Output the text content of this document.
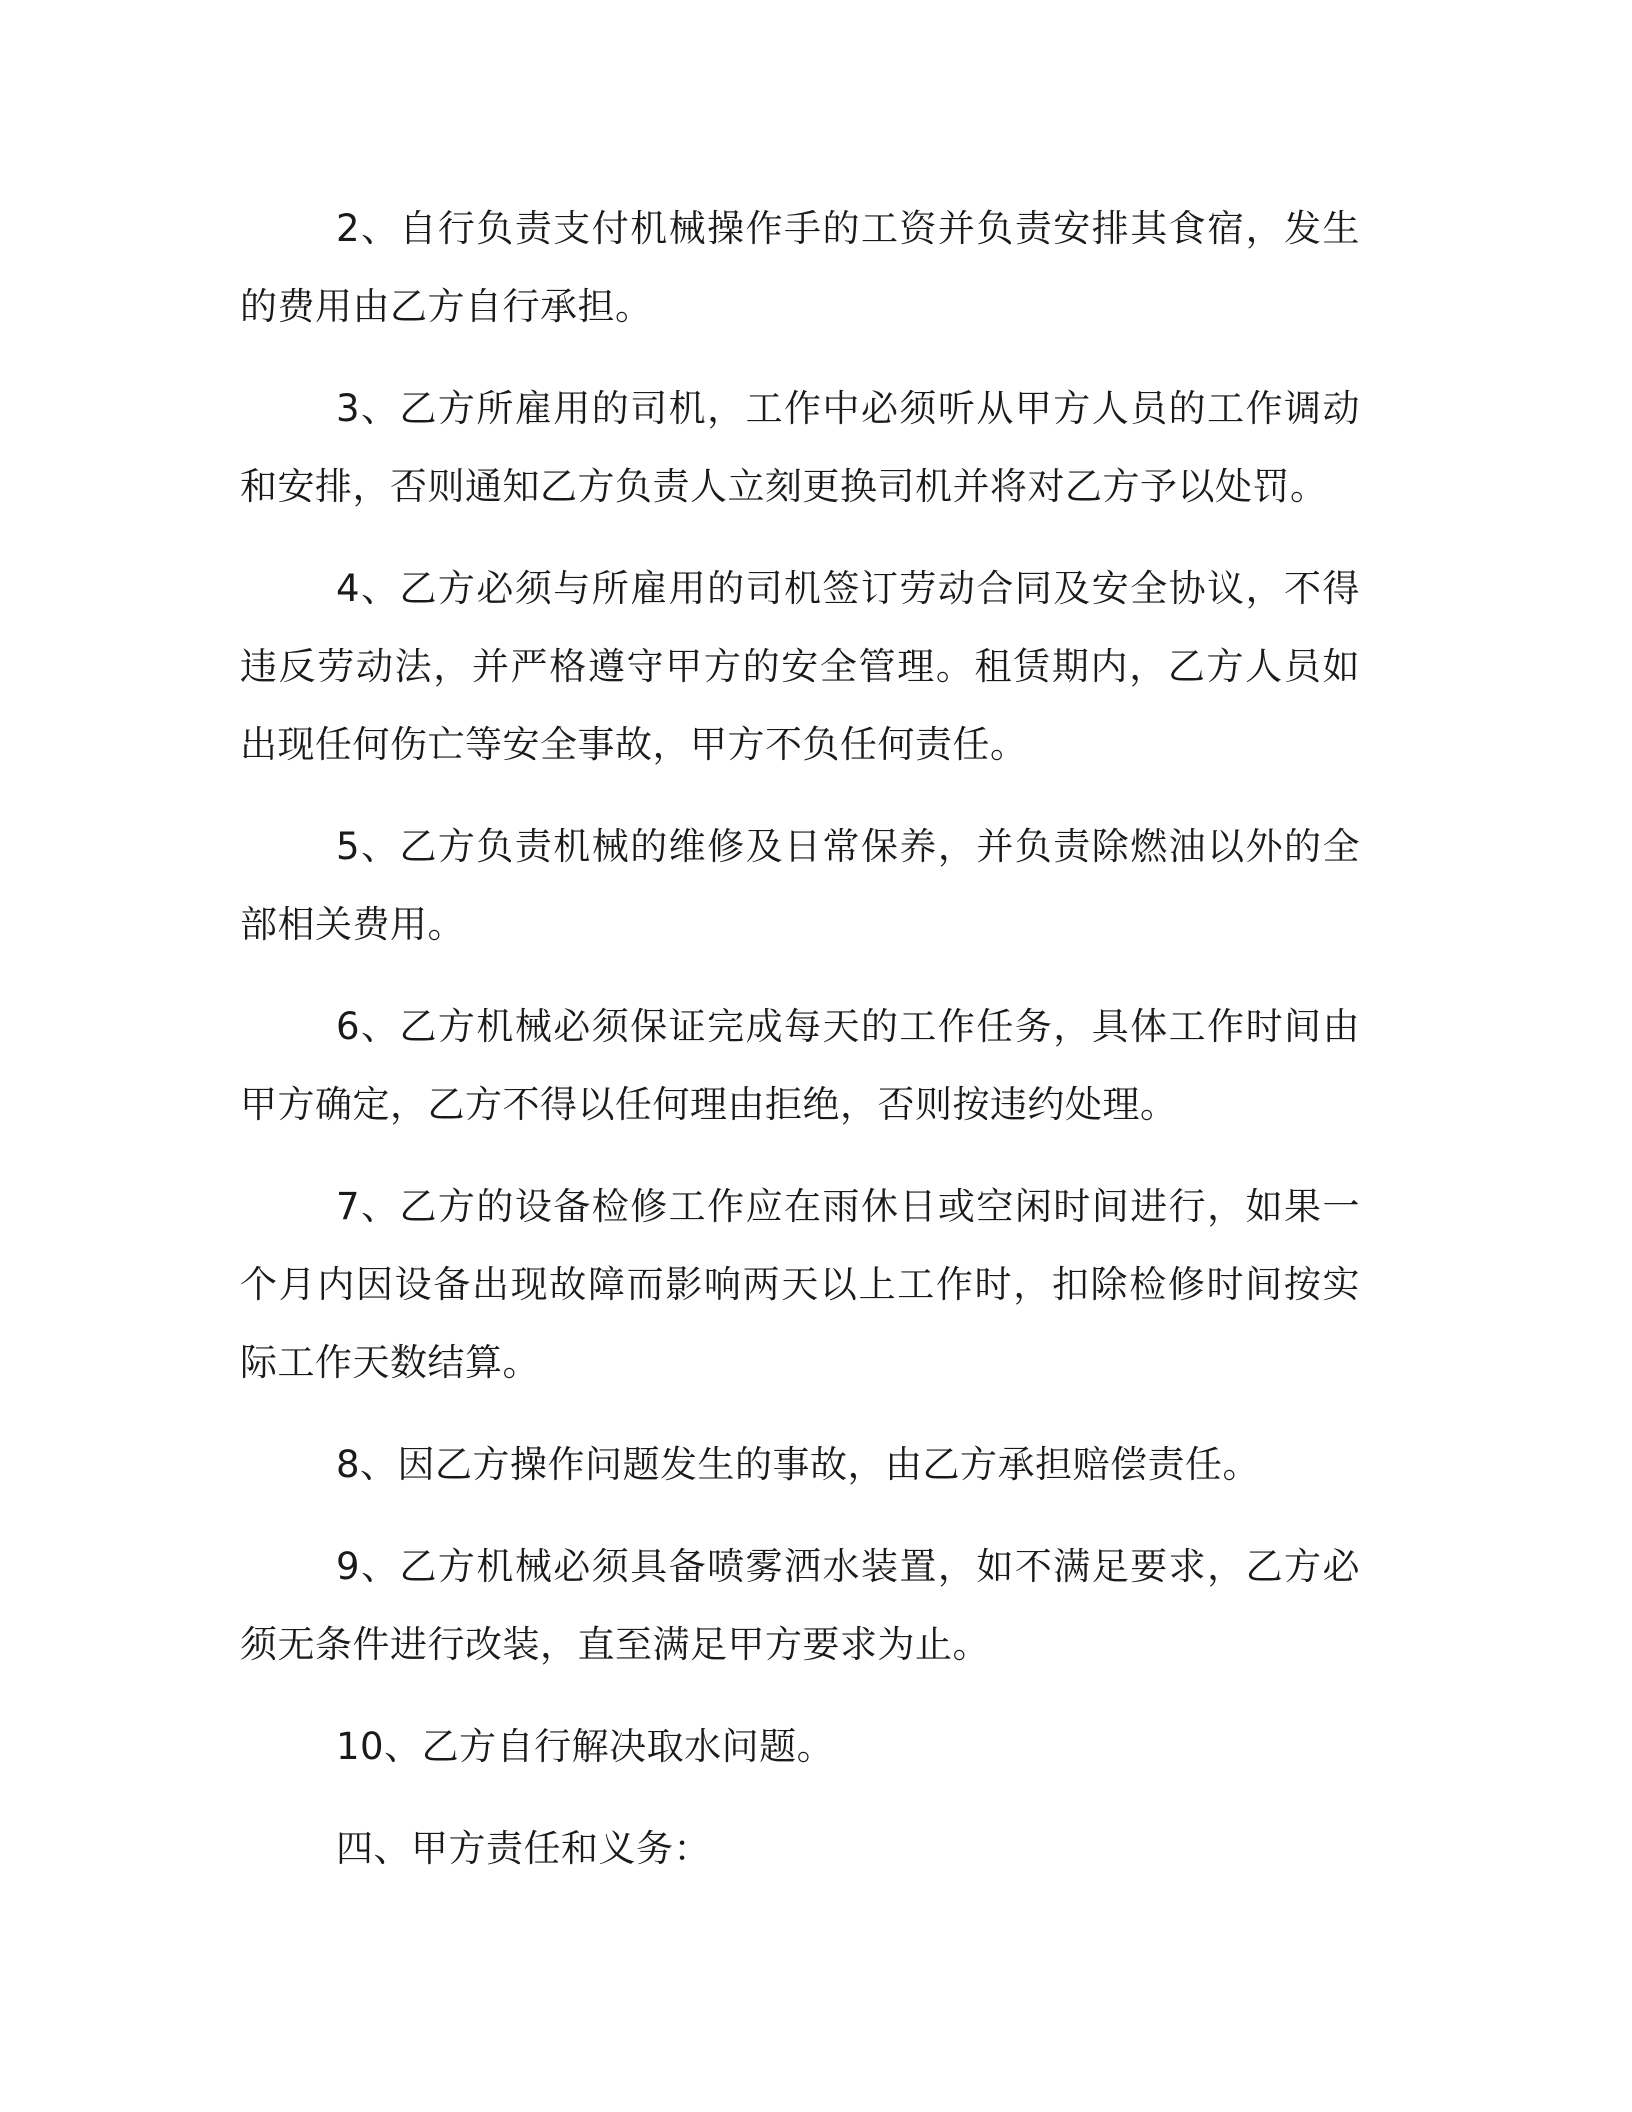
2、自行负责支付机械操作手的工资并负责安排其食宿，发生的费用由乙方自行承担。

3、乙方所雇用的司机，工作中必须听从甲方人员的工作调动和安排，否则通知乙方负责人立刻更换司机并将对乙方予以处罚。

4、乙方必须与所雇用的司机签订劳动合同及安全协议，不得违反劳动法，并严格遵守甲方的安全管理。租赁期内，乙方人员如出现任何伤亡等安全事故，甲方不负任何责任。

5、乙方负责机械的维修及日常保养，并负责除燃油以外的全部相关费用。

6、乙方机械必须保证完成每天的工作任务，具体工作时间由甲方确定，乙方不得以任何理由拒绝，否则按违约处理。

7、乙方的设备检修工作应在雨休日或空闲时间进行，如果一个月内因设备出现故障而影响两天以上工作时，扣除检修时间按实际工作天数结算。

8、因乙方操作问题发生的事故，由乙方承担赔偿责任。

9、乙方机械必须具备喷雾洒水装置，如不满足要求，乙方必须无条件进行改装，直至满足甲方要求为止。

10、乙方自行解决取水问题。

四、甲方责任和义务：
